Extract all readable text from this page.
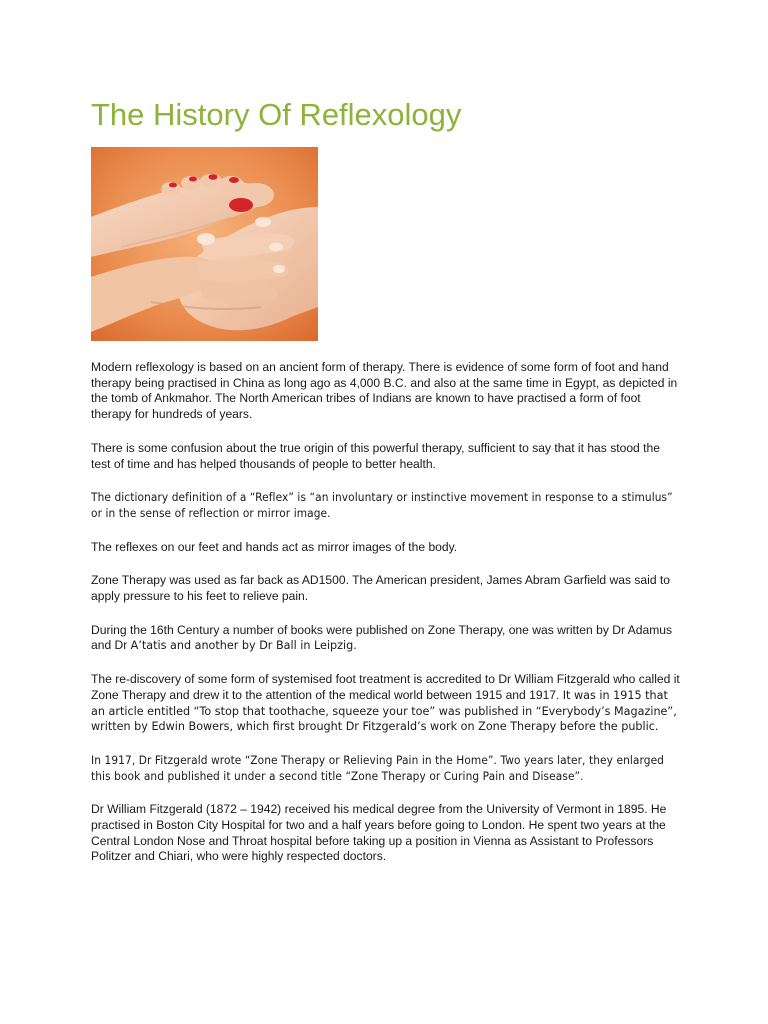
The History Of Reflexology

Modern reflexology is based on an ancient form of therapy. There is evidence of some form of foot and hand therapy being practised in China as long ago as 4,000 B.C. and also at the same time in Egypt, as depicted in the tomb of Ankmahor. The North American tribes of Indians are known to have practised a form of foot therapy for hundreds of years.

There is some confusion about the true origin of this powerful therapy, sufficient to say that it has stood the test of time and has helped thousands of people to better health.

The dictionary definition of a “Reflex” is “an involuntary or instinctive movement in response to a stimulus” or in the sense of reflection or mirror image.

The reflexes on our feet and hands act as mirror images of the body.

Zone Therapy was used as far back as AD1500. The American president, James Abram Garfield was said to apply pressure to his feet to relieve pain.

During the 16th Century a number of books were published on Zone Therapy, one was written by Dr Adamus and Dr A’tatis and another by Dr Ball in Leipzig.

The re-discovery of some form of systemised foot treatment is accredited to Dr William Fitzgerald who called it Zone Therapy and drew it to the attention of the medical world between 1915 and 1917. It was in 1915 that an article entitled “To stop that toothache, squeeze your toe” was published in “Everybody’s Magazine”, written by Edwin Bowers, which first brought Dr Fitzgerald’s work on Zone Therapy before the public.

In 1917, Dr Fitzgerald wrote “Zone Therapy or Relieving Pain in the Home”. Two years later, they enlarged this book and published it under a second title “Zone Therapy or Curing Pain and Disease”.

Dr William Fitzgerald (1872 – 1942) received his medical degree from the University of Vermont in 1895. He practised in Boston City Hospital for two and a half years before going to London. He spent two years at the Central London Nose and Throat hospital before taking up a position in Vienna as Assistant to Professors Politzer and Chiari, who were highly respected doctors.
